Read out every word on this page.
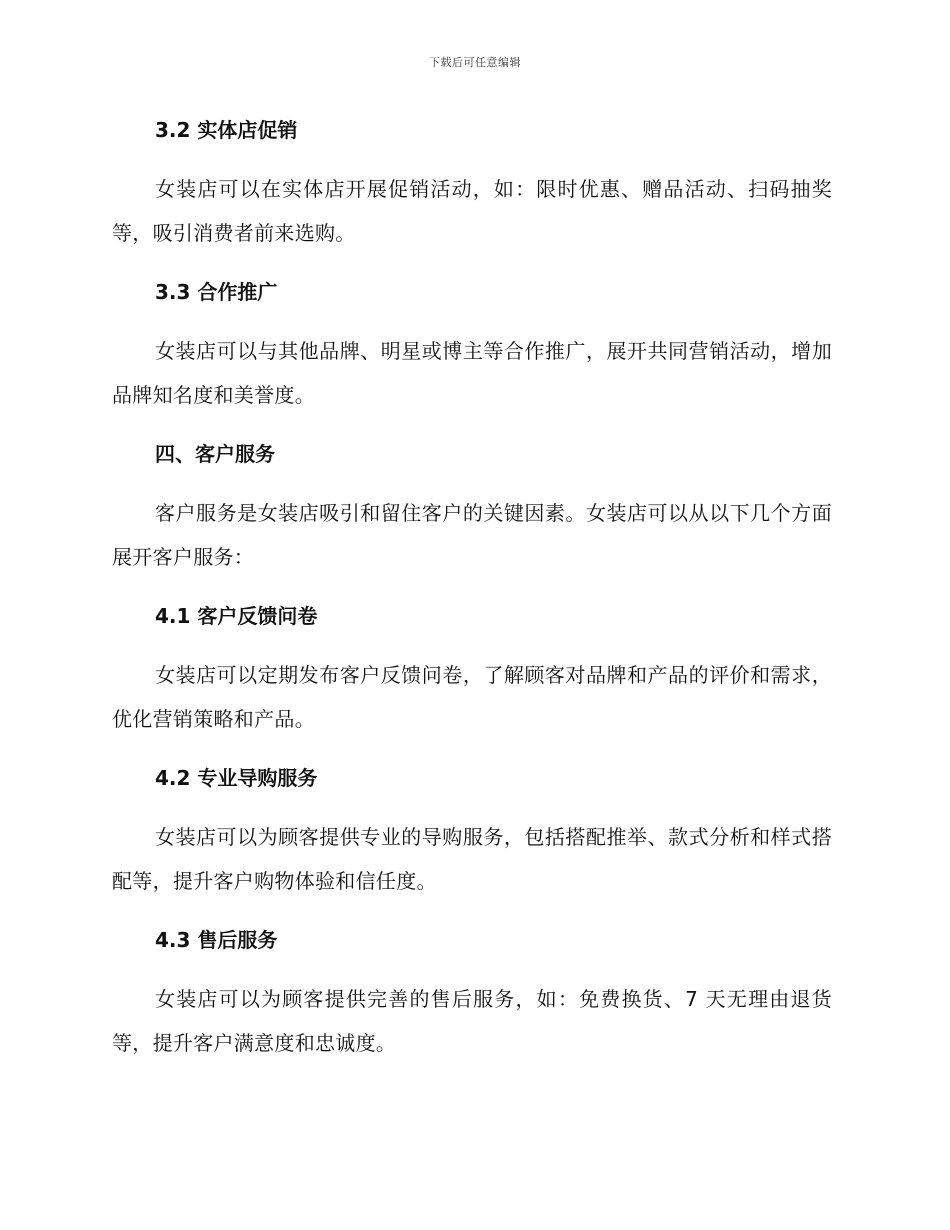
下载后可任意编辑
3.2 实体店促销

女装店可以在实体店开展促销活动，如：限时优惠、赠品活动、扫码抽奖等，吸引消费者前来选购。

3.3 合作推广

女装店可以与其他品牌、明星或博主等合作推广，展开共同营销活动，增加品牌知名度和美誉度。

四、客户服务

客户服务是女装店吸引和留住客户的关键因素。女装店可以从以下几个方面展开客户服务：

4.1 客户反馈问卷

女装店可以定期发布客户反馈问卷，了解顾客对品牌和产品的评价和需求，优化营销策略和产品。

4.2 专业导购服务

女装店可以为顾客提供专业的导购服务，包括搭配推举、款式分析和样式搭配等，提升客户购物体验和信任度。

4.3 售后服务

女装店可以为顾客提供完善的售后服务，如：免费换货、7 天无理由退货等，提升客户满意度和忠诚度。
